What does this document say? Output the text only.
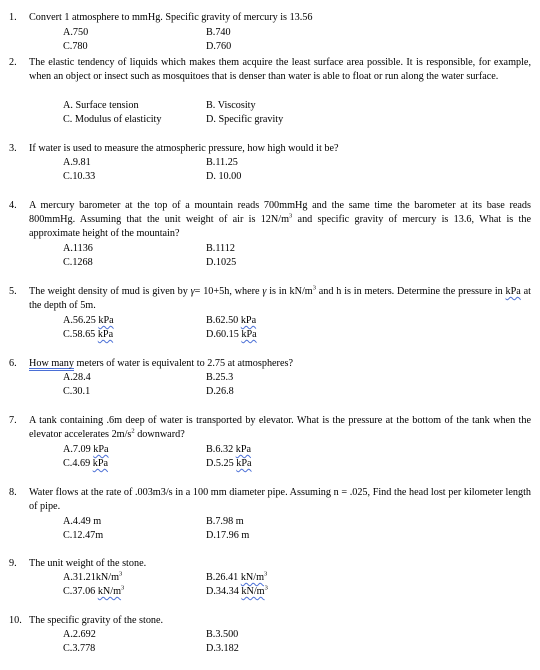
1.	Convert 1 atmosphere to mmHg. Specific gravity of mercury is 13.56
A.750	B.740
C.780	D.760
2.	The elastic tendency of liquids which makes them acquire the least surface area possible. It is responsible, for example, when an object or insect such as mosquitoes that is denser than water is able to float or run along the water surface.
A. Surface tension	B. Viscosity
C. Modulus of elasticity	D. Specific gravity
3.	If water is used to measure the atmospheric pressure, how high would it be?
A.9.81	B.11.25
C.10.33	D. 10.00
4.	A mercury barometer at the top of a mountain reads 700mmHg and the same time the barometer at its base reads 800mmHg. Assuming that the unit weight of air is $12N/m^3$ and specific gravity of mercury is 13.6, What is the approximate height of the mountain?
A.1136	B.1112
C.1268	D.1025
5.	The weight density of mud is given by γ= 10+5h, where γ is in $kN/m^3$ and h is in meters. Determine the pressure in kPa at the depth of 5m.
A.56.25 kPa	B.62.50 kPa
C.58.65 kPa	D.60.15 kPa
6.	How many meters of water is equivalent to 2.75 at atmospheres?
A.28.4	B.25.3
C.30.1	D.26.8
7.	A tank containing .6m deep of water is transported by elevator. What is the pressure at the bottom of the tank when the elevator accelerates $2m/s^2$ downward?
A.7.09 kPa	B.6.32 kPa
C.4.69 kPa	D.5.25 kPa
8.	Water flows at the rate of .003m3/s in a 100 mm diameter pipe. Assuming n = .025, Find the head lost per kilometer length of pipe.
A.4.49 m	B.7.98 m
C.12.47m	D.17.96 m
9.	The unit weight of the stone.
$A.31.21kN/m^3$	B.26.41 $kN/m^3$
C.37.06 $kN/m^3$	D.34.34 $kN/m^3$
10. The specific gravity of the stone.
A.2.692	B.3.500
C.3.778	D.3.182
